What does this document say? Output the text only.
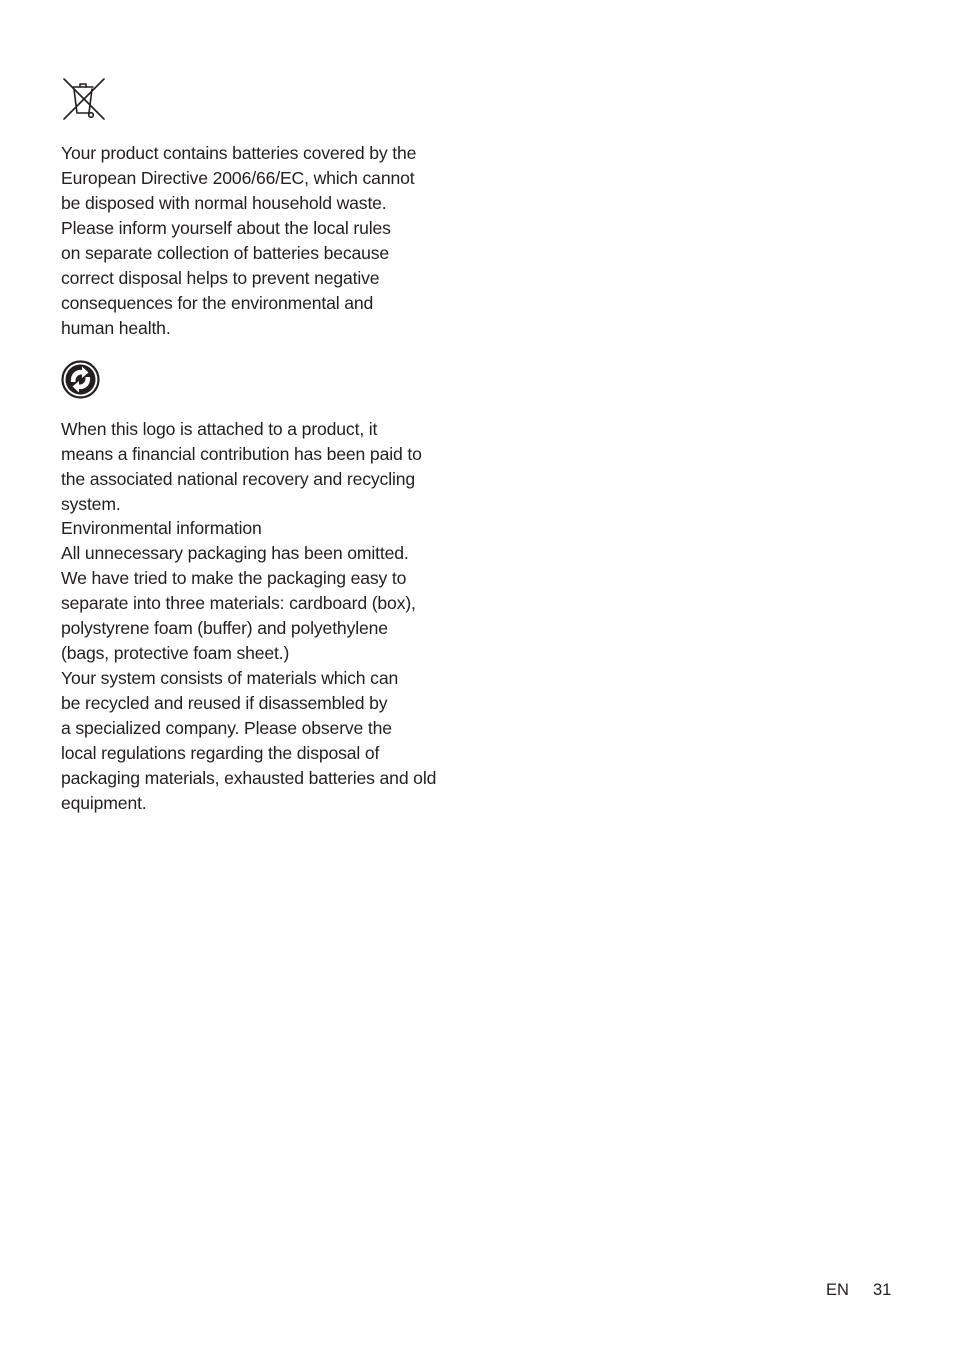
Your product contains batteries covered by the
European Directive 2006/66/EC, which cannot
be disposed with normal household waste.
Please inform yourself about the local rules
on separate collection of batteries because
correct disposal helps to prevent negative
consequences for the environmental and
human health.

When this logo is attached to a product, it
means a financial contribution has been paid to
the associated national recovery and recycling
system.

Environmental information

All unnecessary packaging has been omitted.
We have tried to make the packaging easy to
separate into three materials: cardboard (box),
polystyrene foam (buffer) and polyethylene
(bags, protective foam sheet.)

Your system consists of materials which can
be recycled and reused if disassembled by
a specialized company. Please observe the
local regulations regarding the disposal of
packaging materials, exhausted batteries and old
equipment.

EN 31
